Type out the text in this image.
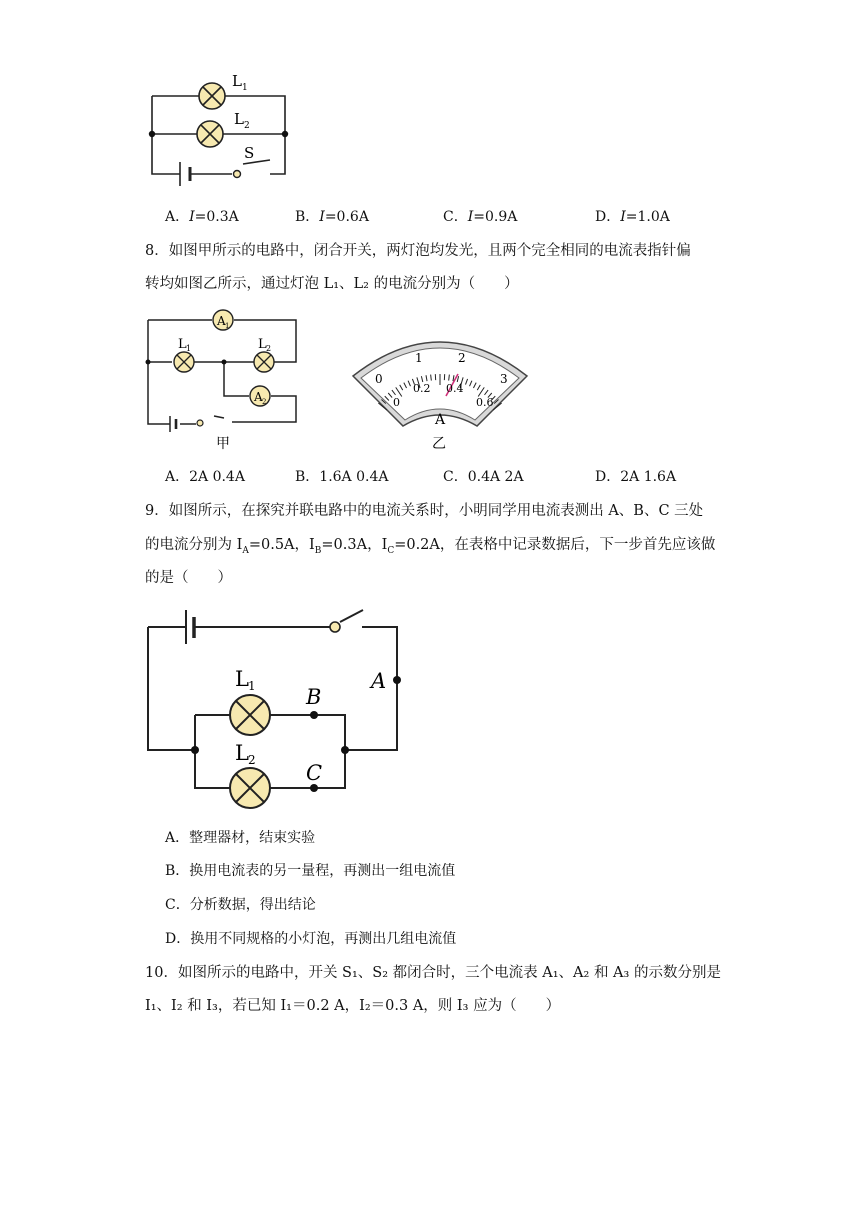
L 1
L 2
S
A．I=0.3A	B．I=0.6A	C．I=0.9A	D．I=1.0A
8．如图甲所示的电路中，闭合开关，两灯泡均发光，且两个完全相同的电流表指针偏
转均如图乙所示，通过灯泡 L₁、L₂ 的电流分别为（　　）
A 1
A 2
L 1	L 2
甲
0
1	2
3
0
0.2 0.4
0.6
A
乙
A．2A 0.4A	B．1.6A 0.4A	C．0.4A 2A	D．2A 1.6A
9．如图所示，在探究并联电路中的电流关系时，小明同学用电流表测出 A、B、C 三处
的电流分别为 $I_A=0.5A$，$I_B=0.3A$，$I_C=0.2A$，在表格中记录数据后，下一步首先应该做
的是（　　）
L 1
L 2
A
B
C
A．整理器材，结束实验
B．换用电流表的另一量程，再测出一组电流值
C．分析数据，得出结论
D．换用不同规格的小灯泡，再测出几组电流值
10．如图所示的电路中，开关 S₁、S₂ 都闭合时，三个电流表 A₁、A₂ 和 A₃ 的示数分别是
I₁、I₂ 和 I₃，若已知 I₁＝0.2 A，I₂＝0.3 A，则 I₃ 应为（　　）
